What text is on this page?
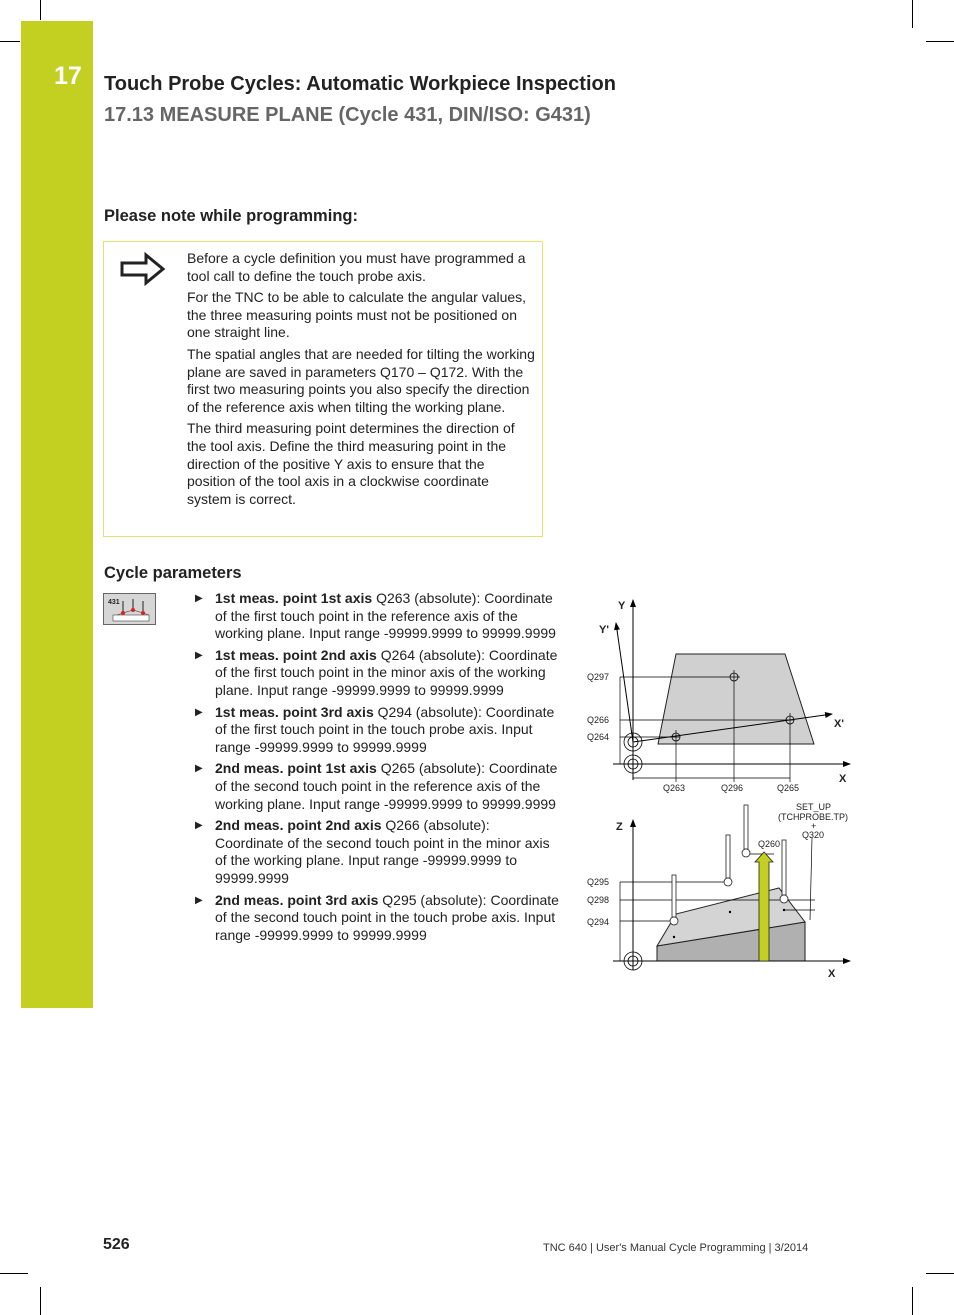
17 Touch Probe Cycles: Automatic Workpiece Inspection
17.13 MEASURE PLANE (Cycle 431, DIN/ISO: G431)
Please note while programming:

Before a cycle definition you must have programmed a tool call to define the touch probe axis.

For the TNC to be able to calculate the angular values, the three measuring points must not be positioned on one straight line.

The spatial angles that are needed for tilting the working plane are saved in parameters Q170 – Q172. With the first two measuring points you also specify the direction of the reference axis when tilting the working plane.

The third measuring point determines the direction of the tool axis. Define the third measuring point in the direction of the positive Y axis to ensure that the position of the tool axis in a clockwise coordinate system is correct.

Cycle parameters
431	▶ 1st meas. point 1st axis Q263 (absolute): Coordinate of the first touch point in the reference axis of the working plane. Input range -99999.9999 to 99999.9999
▶ 1st meas. point 2nd axis Q264 (absolute): Coordinate of the first touch point in the minor axis of the working plane. Input range -99999.9999 to 99999.9999
▶ 1st meas. point 3rd axis Q294 (absolute): Coordinate of the first touch point in the touch probe axis. Input range -99999.9999 to 99999.9999
▶ 2nd meas. point 1st axis Q265 (absolute): Coordinate of the second touch point in the reference axis of the working plane. Input range -99999.9999 to 99999.9999
▶ 2nd meas. point 2nd axis Q266 (absolute): Coordinate of the second touch point in the minor axis of the working plane. Input range -99999.9999 to 99999.9999
▶ 2nd meas. point 3rd axis Q295 (absolute): Coordinate of the second touch point in the touch probe axis. Input range -99999.9999 to 99999.9999
Y
Y'
X'
X
Q297
Q266
Q264
Q263	Q296	Q265
Z
X
Q295
Q298
Q294
Q260
SET_UP
(TCHPROBE.TP)
+
Q320
526	TNC 640 | User's Manual Cycle Programming | 3/2014
